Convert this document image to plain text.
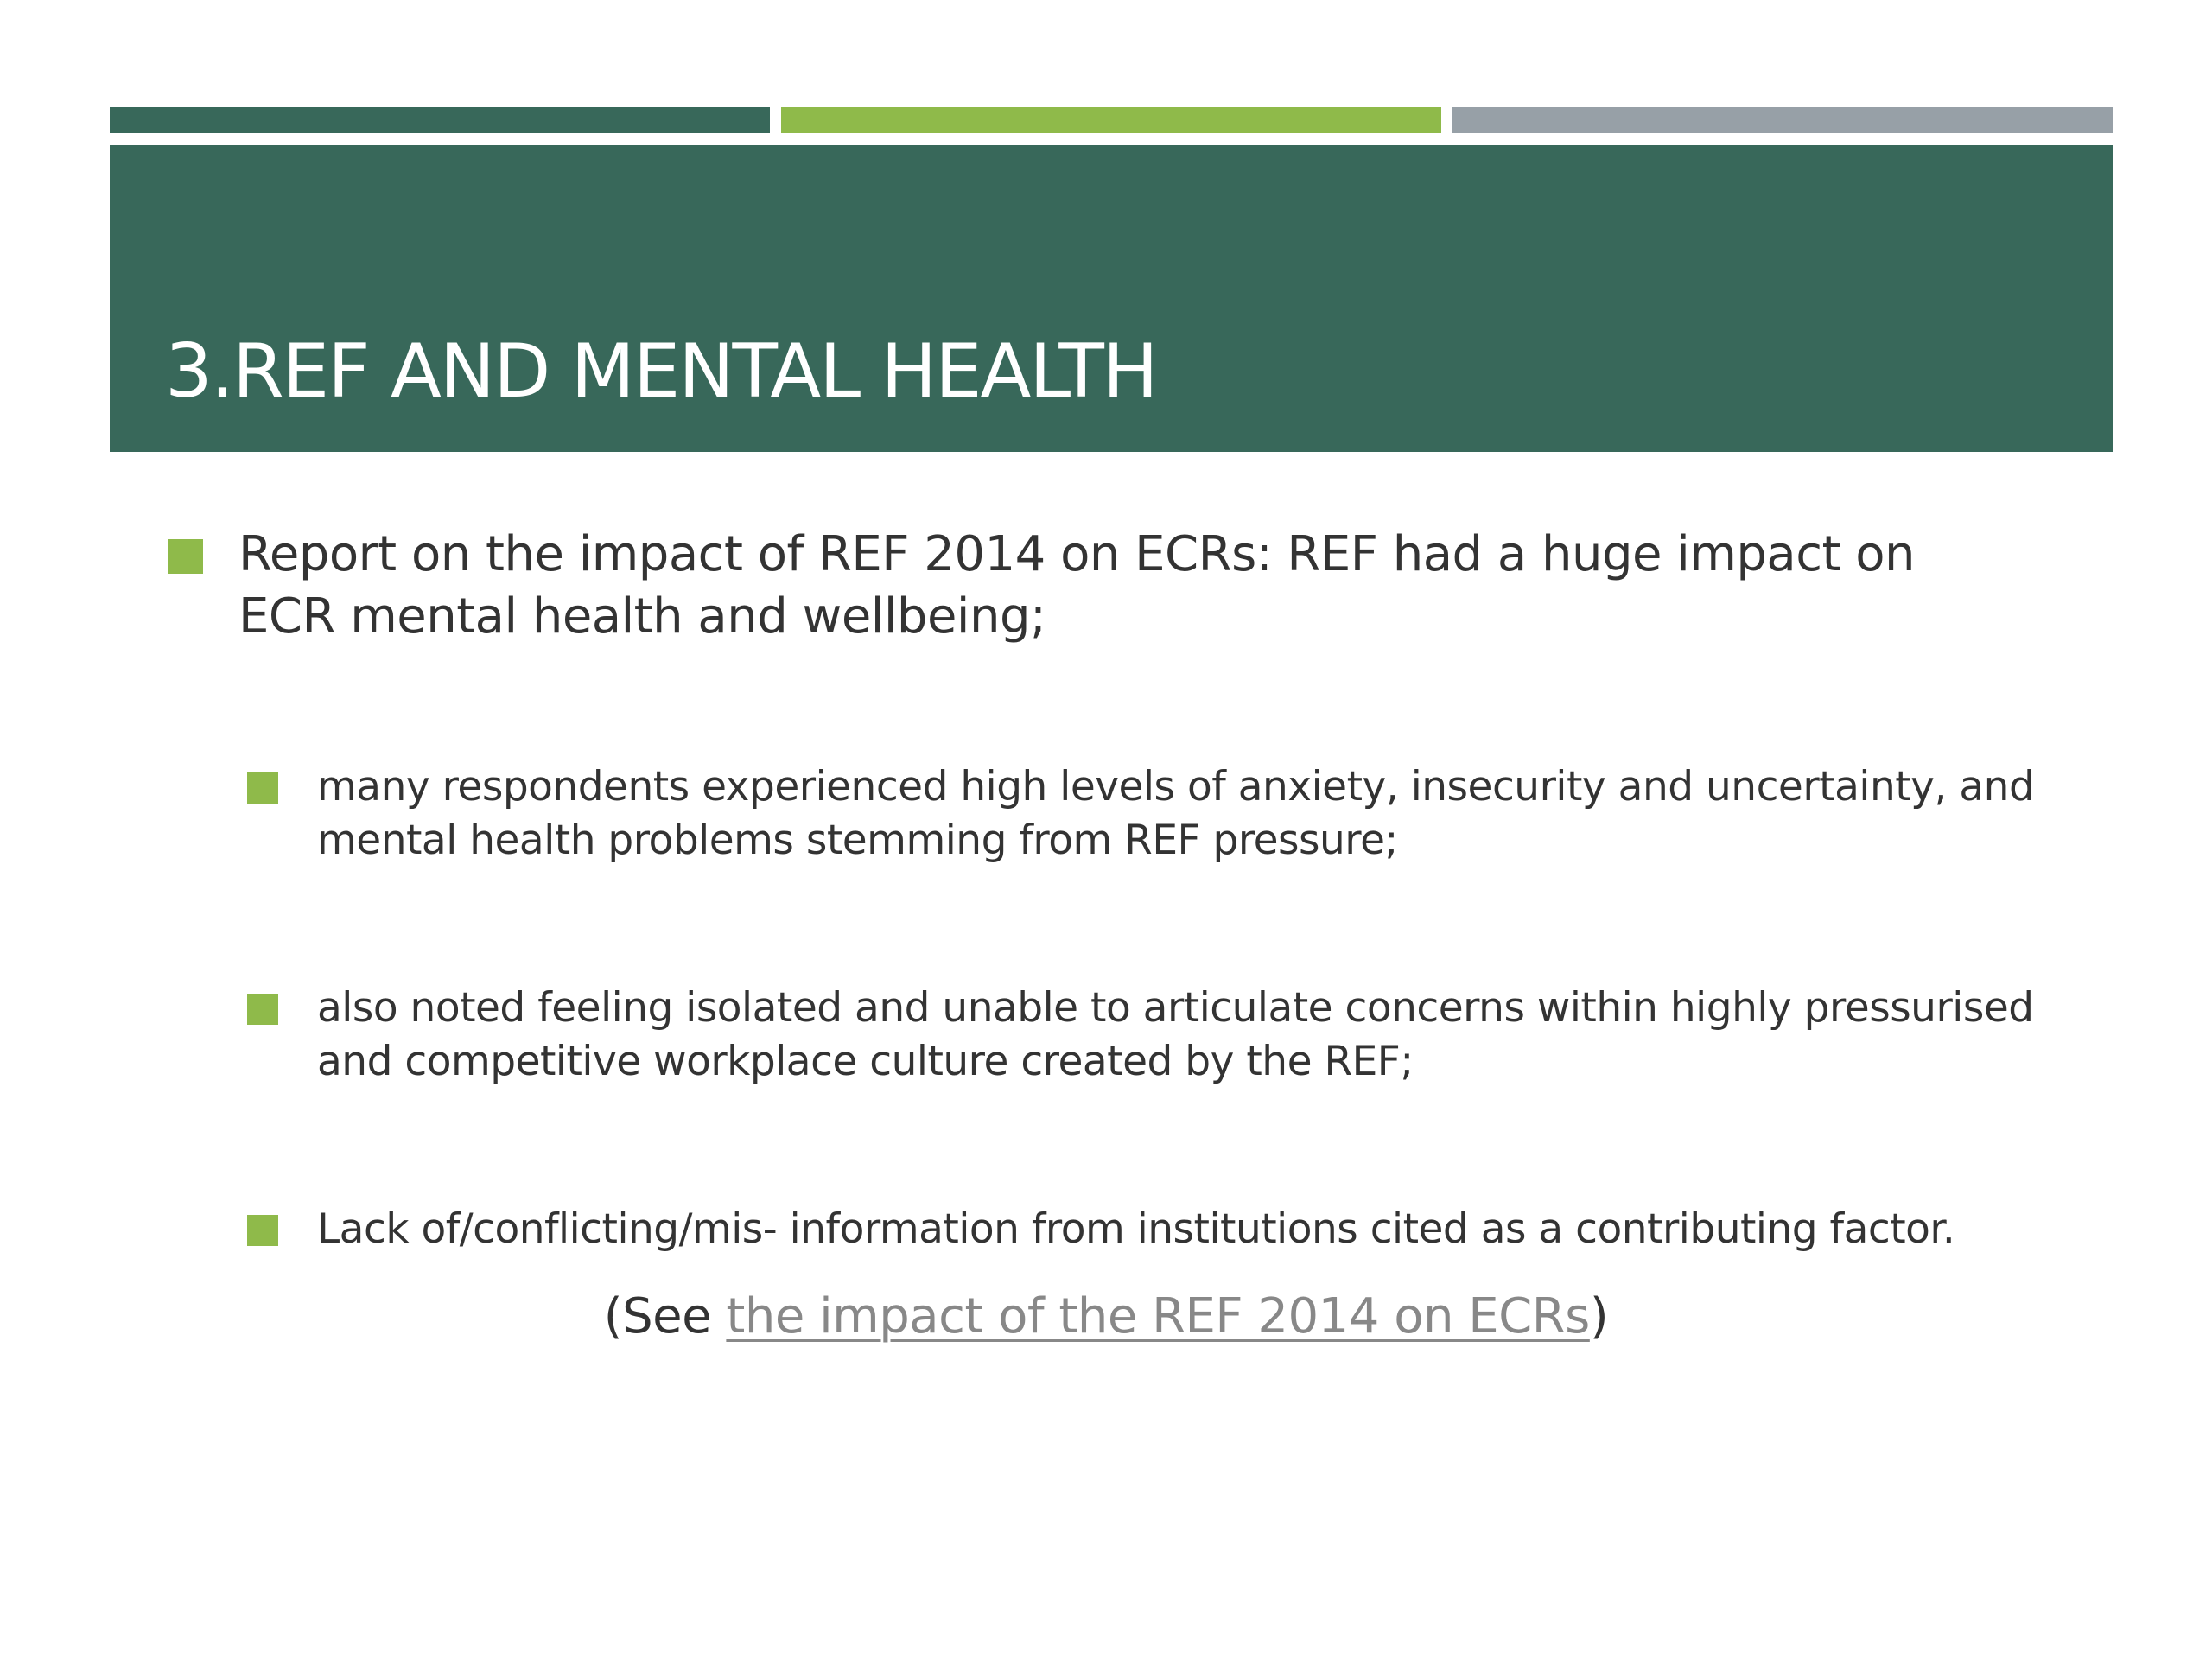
3.REF AND MENTAL HEALTH
Report on the impact of REF 2014 on ECRs: REF had a huge impact on ECR mental health and wellbeing;
many respondents experienced high levels of anxiety, insecurity and uncertainty, and mental health problems stemming from REF pressure;
also noted feeling isolated and unable to articulate concerns within highly pressurised and competitive workplace culture created by the REF;
Lack of/conflicting/mis- information from institutions cited as a contributing factor.
(See the impact of the REF 2014 on ECRs)
